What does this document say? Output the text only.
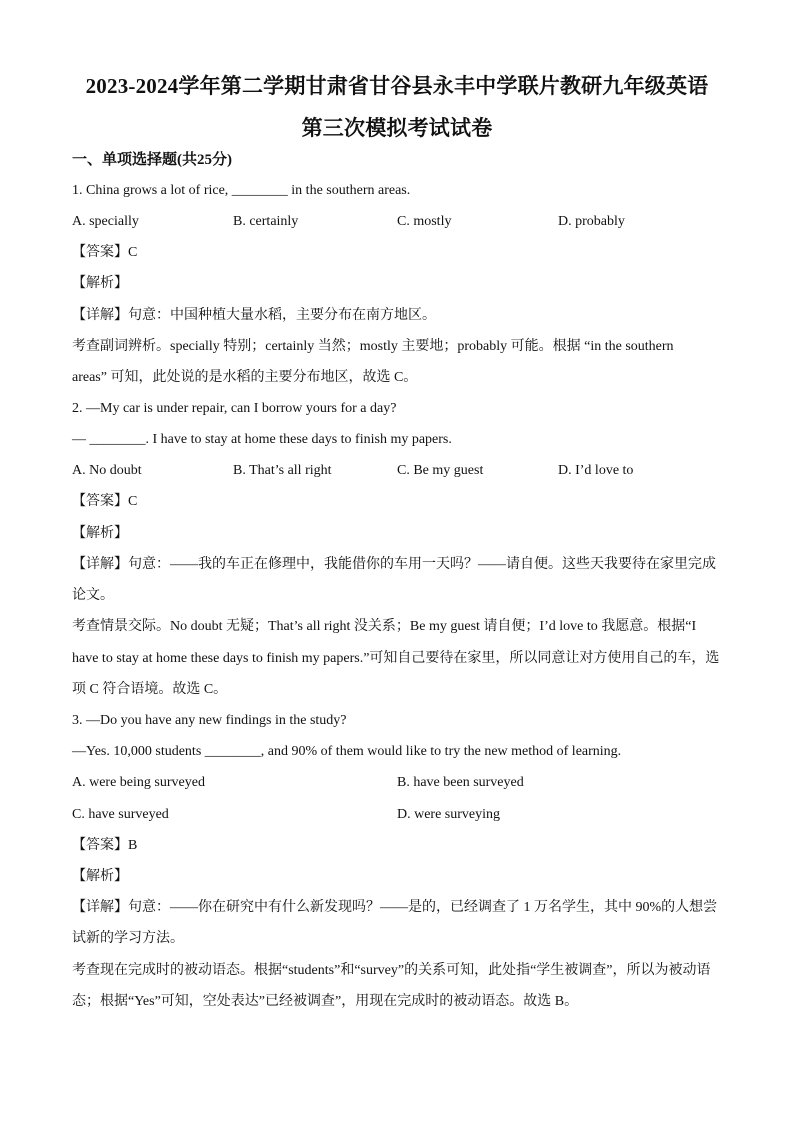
2023-2024学年第二学期甘肃省甘谷县永丰中学联片教研九年级英语
第三次模拟考试试卷
一、单项选择题(共25分)
1. China grows a lot of rice, ________ in the southern areas.
A. specially	B. certainly	C. mostly	D. probably
【答案】C
【解析】
【详解】句意：中国种植大量水稻，主要分布在南方地区。
考查副词辨析。specially 特别；certainly 当然；mostly 主要地；probably 可能。根据 “in the southern
areas” 可知，此处说的是水稻的主要分布地区，故选 C。
2. —My car is under repair, can I borrow yours for a day?
— ________. I have to stay at home these days to finish my papers.
A. No doubt	B. That’s all right	C. Be my guest	D. I’d love to
【答案】C
【解析】
【详解】句意：——我的车正在修理中，我能借你的车用一天吗？——请自便。这些天我要待在家里完成
论文。
考查情景交际。No doubt 无疑；That’s all right 没关系；Be my guest 请自便；I’d love to 我愿意。根据“I
have to stay at home these days to finish my papers.”可知自己要待在家里，所以同意让对方使用自己的车，选
项 C 符合语境。故选 C。
3. —Do you have any new findings in the study?
—Yes. 10,000 students ________, and 90% of them would like to try the new method of learning.
A. were being surveyed	B. have been surveyed
C. have surveyed	D. were surveying
【答案】B
【解析】
【详解】句意：——你在研究中有什么新发现吗？——是的，已经调查了 1 万名学生，其中 90%的人想尝
试新的学习方法。
考查现在完成时的被动语态。根据“students”和“survey”的关系可知，此处指“学生被调查”，所以为被动语
态；根据“Yes”可知，空处表达”已经被调查”，用现在完成时的被动语态。故选 B。
